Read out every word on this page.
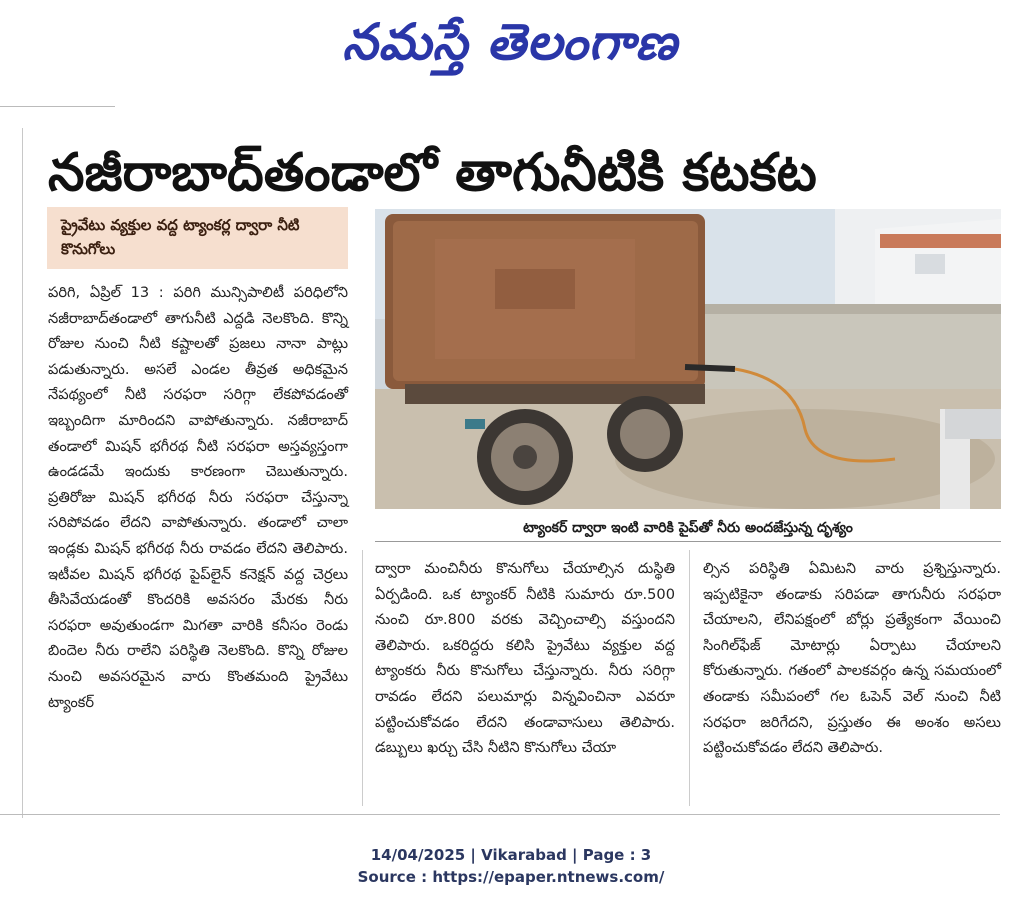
నమస్తే తెలంగాణ
నజీరాబాద్‌తండాలో తాగునీటికి కటకట
ప్రైవేటు వ్యక్తుల వద్ద ట్యాంకర్ల ద్వారా నీటి కొనుగోలు
ట్యాంకర్ ద్వారా ఇంటి వారికి పైప్‌తో నీరు అందజేస్తున్న దృశ్యం

పరిగి, ఏప్రిల్ 13 : పరిగి మున్సిపాలిటీ పరిధిలోని నజీరాబాద్‌తండాలో తాగునీటి ఎద్దడి నెలకొంది. కొన్ని రోజుల నుంచి నీటి కష్టాలతో ప్రజలు నానా పాట్లు పడుతున్నారు. అసలే ఎండల తీవ్రత అధికమైన నేపథ్యంలో నీటి సరఫరా సరిగ్గా లేకపోవడంతో ఇబ్బందిగా మారిందని వాపోతున్నారు. నజీరాబాద్ తండాలో మిషన్ భగీరథ నీటి సరఫరా అస్తవ్యస్తంగా ఉండడమే ఇందుకు కారణంగా చెబుతున్నారు. ప్రతిరోజు మిషన్ భగీరథ నీరు సరఫరా చేస్తున్నా సరిపోవడం లేదని వాపోతున్నారు. తండాలో చాలా ఇండ్లకు మిషన్ భగీరథ నీరు రావడం లేదని తెలిపారు. ఇటీవల మిషన్ భగీరథ పైప్‌లైన్ కనెక్షన్ వద్ద చెర్రలు తీసివేయడంతో కొందరికి అవసరం మేరకు నీరు సరఫరా అవుతుండగా మిగతా వారికి కనీసం రెండు బిందెల నీరు రాలేని పరిస్థితి నెలకొంది. కొన్ని రోజుల నుంచి అవసరమైన వారు కొంతమంది ప్రైవేటు ట్యాంకర్

ద్వారా మంచినీరు కొనుగోలు చేయాల్సిన దుస్థితి ఏర్పడింది. ఒక ట్యాంకర్ నీటికి సుమారు రూ.500 నుంచి రూ.800 వరకు వెచ్చించాల్సి వస్తుందని తెలిపారు. ఒకరిద్దరు కలిసి ప్రైవేటు వ్యక్తుల వద్ద ట్యాంకరు నీరు కొనుగోలు చేస్తున్నారు. నీరు సరిగ్గా రావడం లేదని పలుమార్లు విన్నవించినా ఎవరూ పట్టించుకోవడం లేదని తండావాసులు తెలిపారు. డబ్బులు ఖర్చు చేసి నీటిని కొనుగోలు చేయా

ల్సిన పరిస్థితి ఏమిటని వారు ప్రశ్నిస్తున్నారు. ఇప్పటికైనా తండాకు సరిపడా తాగునీరు సరఫరా చేయాలని, లేనిపక్షంలో బోర్లు ప్రత్యేకంగా వేయించి సింగిల్‌ఫేజ్ మోటార్లు ఏర్పాటు చేయాలని కోరుతున్నారు. గతంలో పాలకవర్గం ఉన్న సమయంలో తండాకు సమీపంలో గల ఓపెన్ వెల్ నుంచి నీటి సరఫరా జరిగేదని, ప్రస్తుతం ఈ అంశం అసలు పట్టించుకోవడం లేదని తెలిపారు.

14/04/2025 | Vikarabad | Page : 3
Source : https://epaper.ntnews.com/
